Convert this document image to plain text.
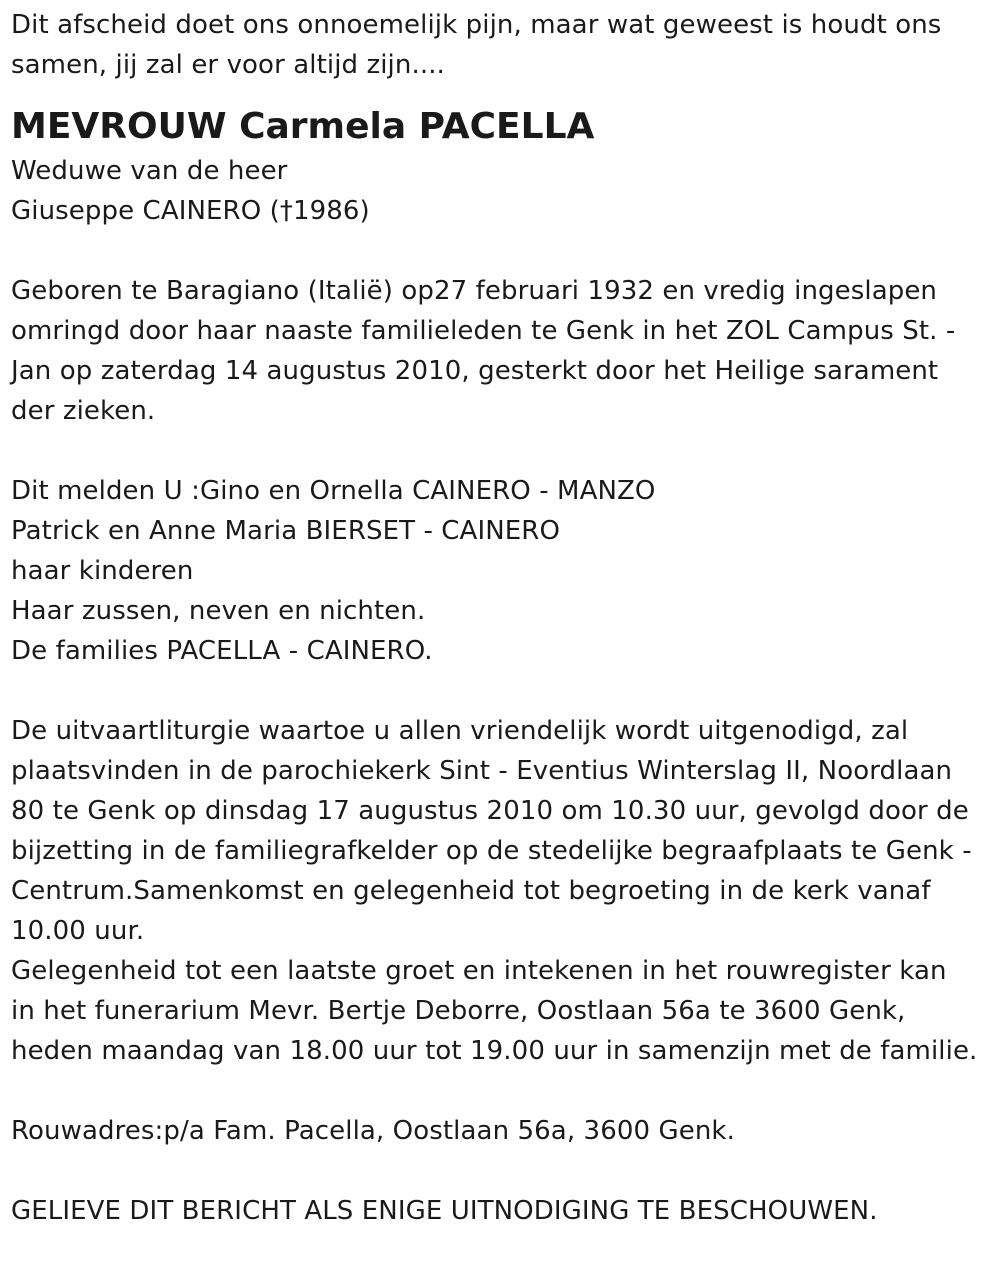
Dit afscheid doet ons onnoemelijk pijn, maar wat geweest is houdt ons
samen, jij zal er voor altijd zijn....
MEVROUW Carmela PACELLA
Weduwe van de heer
Giuseppe CAINERO (†1986)
Geboren te Baragiano (Italië) op27 februari 1932 en vredig ingeslapen
omringd door haar naaste familieleden te Genk in het ZOL Campus St. -
Jan op zaterdag 14 augustus 2010, gesterkt door het Heilige sarament
der zieken.
Dit melden U :Gino en Ornella CAINERO - MANZO
Patrick en Anne Maria BIERSET - CAINERO
haar kinderen
Haar zussen, neven en nichten.
De families PACELLA - CAINERO.
De uitvaartliturgie waartoe u allen vriendelijk wordt uitgenodigd, zal
plaatsvinden in de parochiekerk Sint - Eventius Winterslag II, Noordlaan
80 te Genk op dinsdag 17 augustus 2010 om 10.30 uur, gevolgd door de
bijzetting in de familiegrafkelder op de stedelijke begraafplaats te Genk -
Centrum.Samenkomst en gelegenheid tot begroeting in de kerk vanaf
10.00 uur.
Gelegenheid tot een laatste groet en intekenen in het rouwregister kan
in het funerarium Mevr. Bertje Deborre, Oostlaan 56a te 3600 Genk,
heden maandag van 18.00 uur tot 19.00 uur in samenzijn met de familie.
Rouwadres:p/a Fam. Pacella, Oostlaan 56a, 3600 Genk.
GELIEVE DIT BERICHT ALS ENIGE UITNODIGING TE BESCHOUWEN.
